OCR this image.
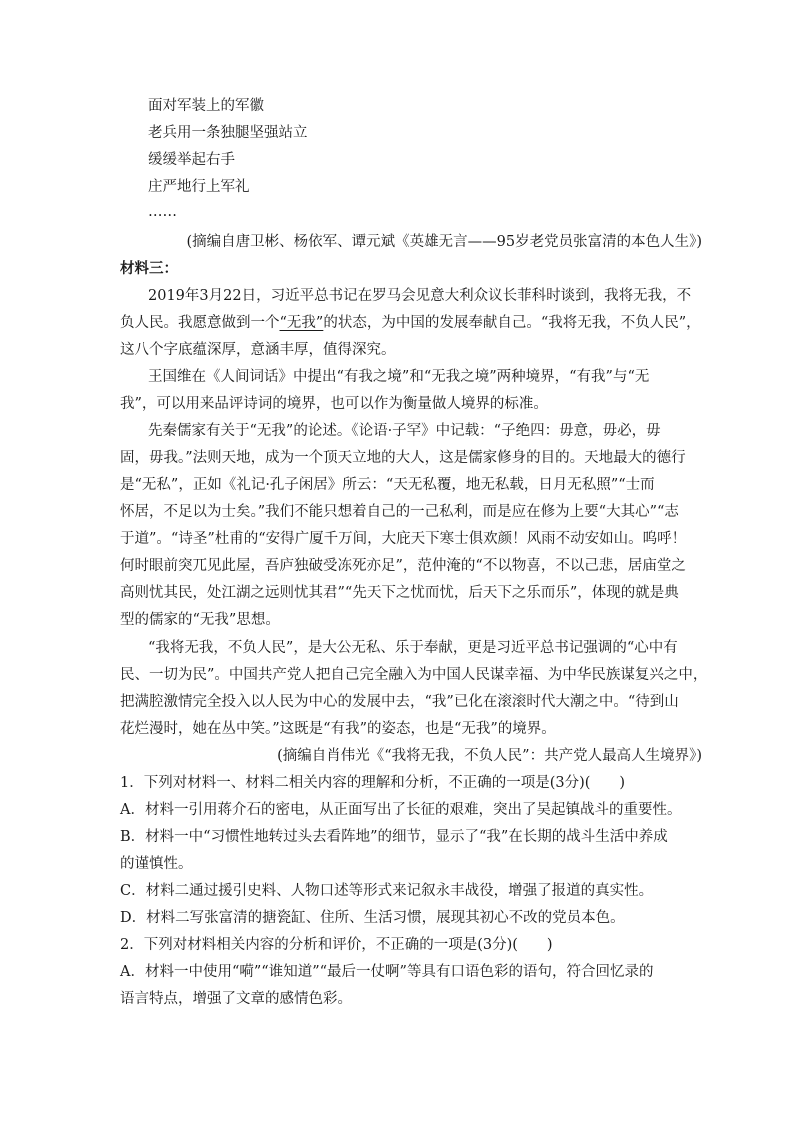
面对军装上的军徽
老兵用一条独腿坚强站立
缓缓举起右手
庄严地行上军礼
……
(摘编自唐卫彬、杨依军、谭元斌《英雄无言——95岁老党员张富清的本色人生》)
材料三：
2019年3月22日，习近平总书记在罗马会见意大利众议长菲科时谈到，我将无我，不
负人民。我愿意做到一个“无我”的状态，为中国的发展奉献自己。“我将无我，不负人民”，
这八个字底蕴深厚，意涵丰厚，值得深究。
王国维在《人间词话》中提出“有我之境”和“无我之境”两种境界，“有我”与“无
我”，可以用来品评诗词的境界，也可以作为衡量做人境界的标准。
先秦儒家有关于“无我”的论述。《论语·子罕》中记载：“子绝四：毋意，毋必，毋
固，毋我。”法则天地，成为一个顶天立地的大人，这是儒家修身的目的。天地最大的德行
是“无私”，正如《礼记·孔子闲居》所云：“天无私覆，地无私载，日月无私照”“士而
怀居，不足以为士矣。”我们不能只想着自己的一己私利，而是应在修为上要“大其心”“志
于道”。“诗圣”杜甫的“安得广厦千万间，大庇天下寒士俱欢颜！风雨不动安如山。呜呼！
何时眼前突兀见此屋，吾庐独破受冻死亦足”，范仲淹的“不以物喜，不以己悲，居庙堂之
高则忧其民，处江湖之远则忧其君”“先天下之忧而忧，后天下之乐而乐”，体现的就是典
型的儒家的“无我”思想。
“我将无我，不负人民”，是大公无私、乐于奉献，更是习近平总书记强调的“心中有
民、一切为民”。中国共产党人把自己完全融入为中国人民谋幸福、为中华民族谋复兴之中，
把满腔激情完全投入以人民为中心的发展中去，“我”已化在滚滚时代大潮之中。“待到山
花烂漫时，她在丛中笑。”这既是“有我”的姿态，也是“无我”的境界。
(摘编自肖伟光《“我将无我，不负人民”：共产党人最高人生境界》)
1．下列对材料一、材料二相关内容的理解和分析，不正确的一项是(3分)(　　)
A．材料一引用蒋介石的密电，从正面写出了长征的艰难，突出了吴起镇战斗的重要性。
B．材料一中“习惯性地转过头去看阵地”的细节，显示了“我”在长期的战斗生活中养成
的谨慎性。
C．材料二通过援引史料、人物口述等形式来记叙永丰战役，增强了报道的真实性。
D．材料二写张富清的搪瓷缸、住所、生活习惯，展现其初心不改的党员本色。
2．下列对材料相关内容的分析和评价，不正确的一项是(3分)(　　)
A．材料一中使用“嗬”“谁知道”“最后一仗啊”等具有口语色彩的语句，符合回忆录的
语言特点，增强了文章的感情色彩。
